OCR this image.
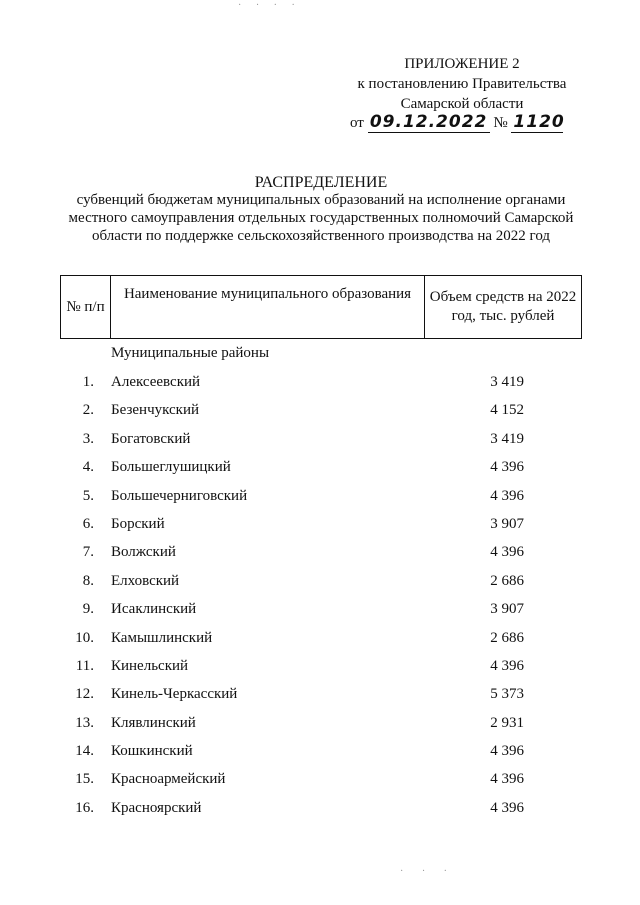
· · · ·
ПРИЛОЖЕНИЕ 2
к постановлению Правительства
Самарской области
от 09.12.2022 № 1120
РАСПРЕДЕЛЕНИЕ
субвенций бюджетам муниципальных образований на исполнение органами местного самоуправления отдельных государственных полномочий Самарской области по поддержке сельскохозяйственного производства на 2022 год
№ п/п
Наименование муниципального образования	Объем средств на 2022 год, тыс. рублей
Муниципальные районы
1. Алексеевский	3 419
2. Безенчукский	4 152
3. Богатовский	3 419
4. Большеглушицкий	4 396
5. Большечерниговский	4 396
6. Борский	3 907
7. Волжский	4 396
8. Елховский	2 686
9. Исаклинский	3 907
10. Камышлинский	2 686
11. Кинельский	4 396
12. Кинель-Черкасский	5 373
13. Клявлинский	2 931
14. Кошкинский	4 396
15. Красноармейский	4 396
16. Красноярский	4 396
· · ·
